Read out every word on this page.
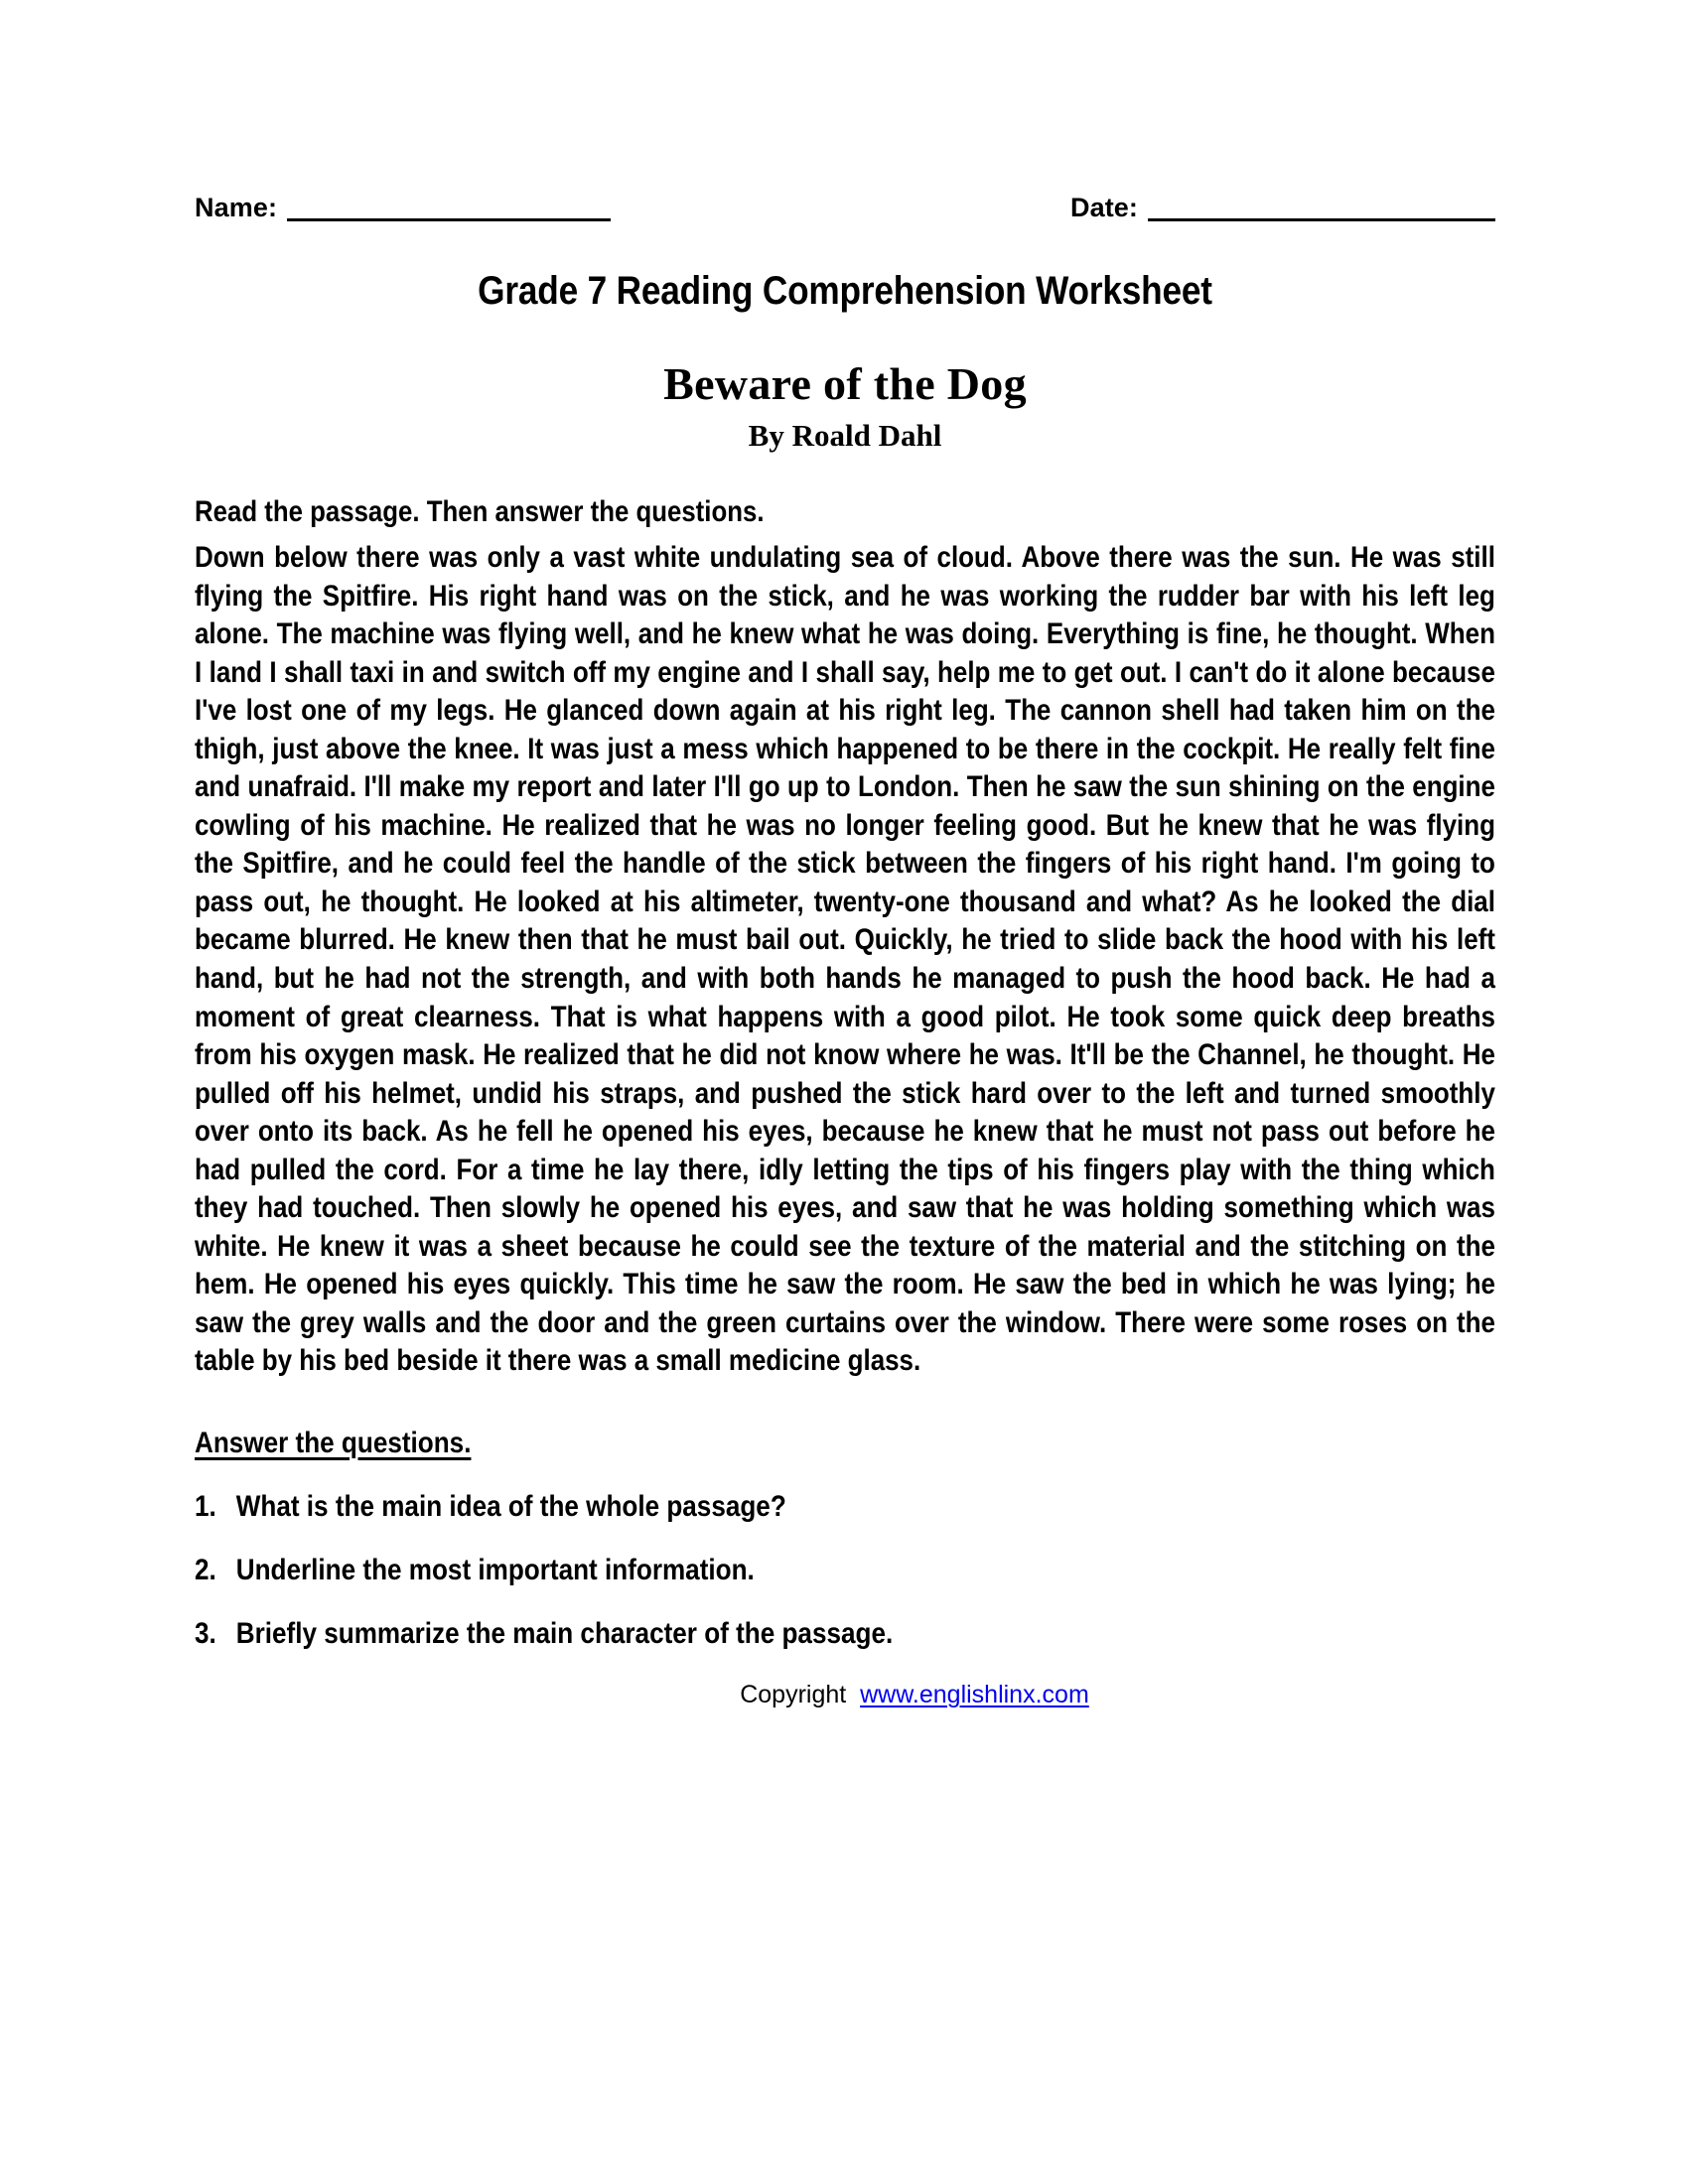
Name:	Date:
Grade 7 Reading Comprehension Worksheet
Beware of the Dog
By Roald Dahl
Read the passage. Then answer the questions.
Down below there was only a vast white undulating sea of cloud. Above there was the sun. He was still flying the Spitfire. His right hand was on the stick, and he was working the rudder bar with his left leg alone. The machine was flying well, and he knew what he was doing. Everything is fine, he thought. When I land I shall taxi in and switch off my engine and I shall say, help me to get out. I can't do it alone because I've lost one of my legs. He glanced down again at his right leg. The cannon shell had taken him on the thigh, just above the knee. It was just a mess which happened to be there in the cockpit. He really felt fine and unafraid. I'll make my report and later I'll go up to London. Then he saw the sun shining on the engine cowling of his machine. He realized that he was no longer feeling good. But he knew that he was flying the Spitfire, and he could feel the handle of the stick between the fingers of his right hand. I'm going to pass out, he thought. He looked at his altimeter, twenty-one thousand and what? As he looked the dial became blurred. He knew then that he must bail out. Quickly, he tried to slide back the hood with his left hand, but he had not the strength, and with both hands he managed to push the hood back. He had a moment of great clearness. That is what happens with a good pilot. He took some quick deep breaths from his oxygen mask. He realized that he did not know where he was. It'll be the Channel, he thought. He pulled off his helmet, undid his straps, and pushed the stick hard over to the left and turned smoothly over onto its back. As he fell he opened his eyes, because he knew that he must not pass out before he had pulled the cord. For a time he lay there, idly letting the tips of his fingers play with the thing which they had touched. Then slowly he opened his eyes, and saw that he was holding something which was white. He knew it was a sheet because he could see the texture of the material and the stitching on the hem. He opened his eyes quickly. This time he saw the room. He saw the bed in which he was lying; he saw the grey walls and the door and the green curtains over the window. There were some roses on the table by his bed beside it there was a small medicine glass.
Answer the questions.
1. What is the main idea of the whole passage?
2. Underline the most important information.
3. Briefly summarize the main character of the passage.
Copyright www.englishlinx.com
